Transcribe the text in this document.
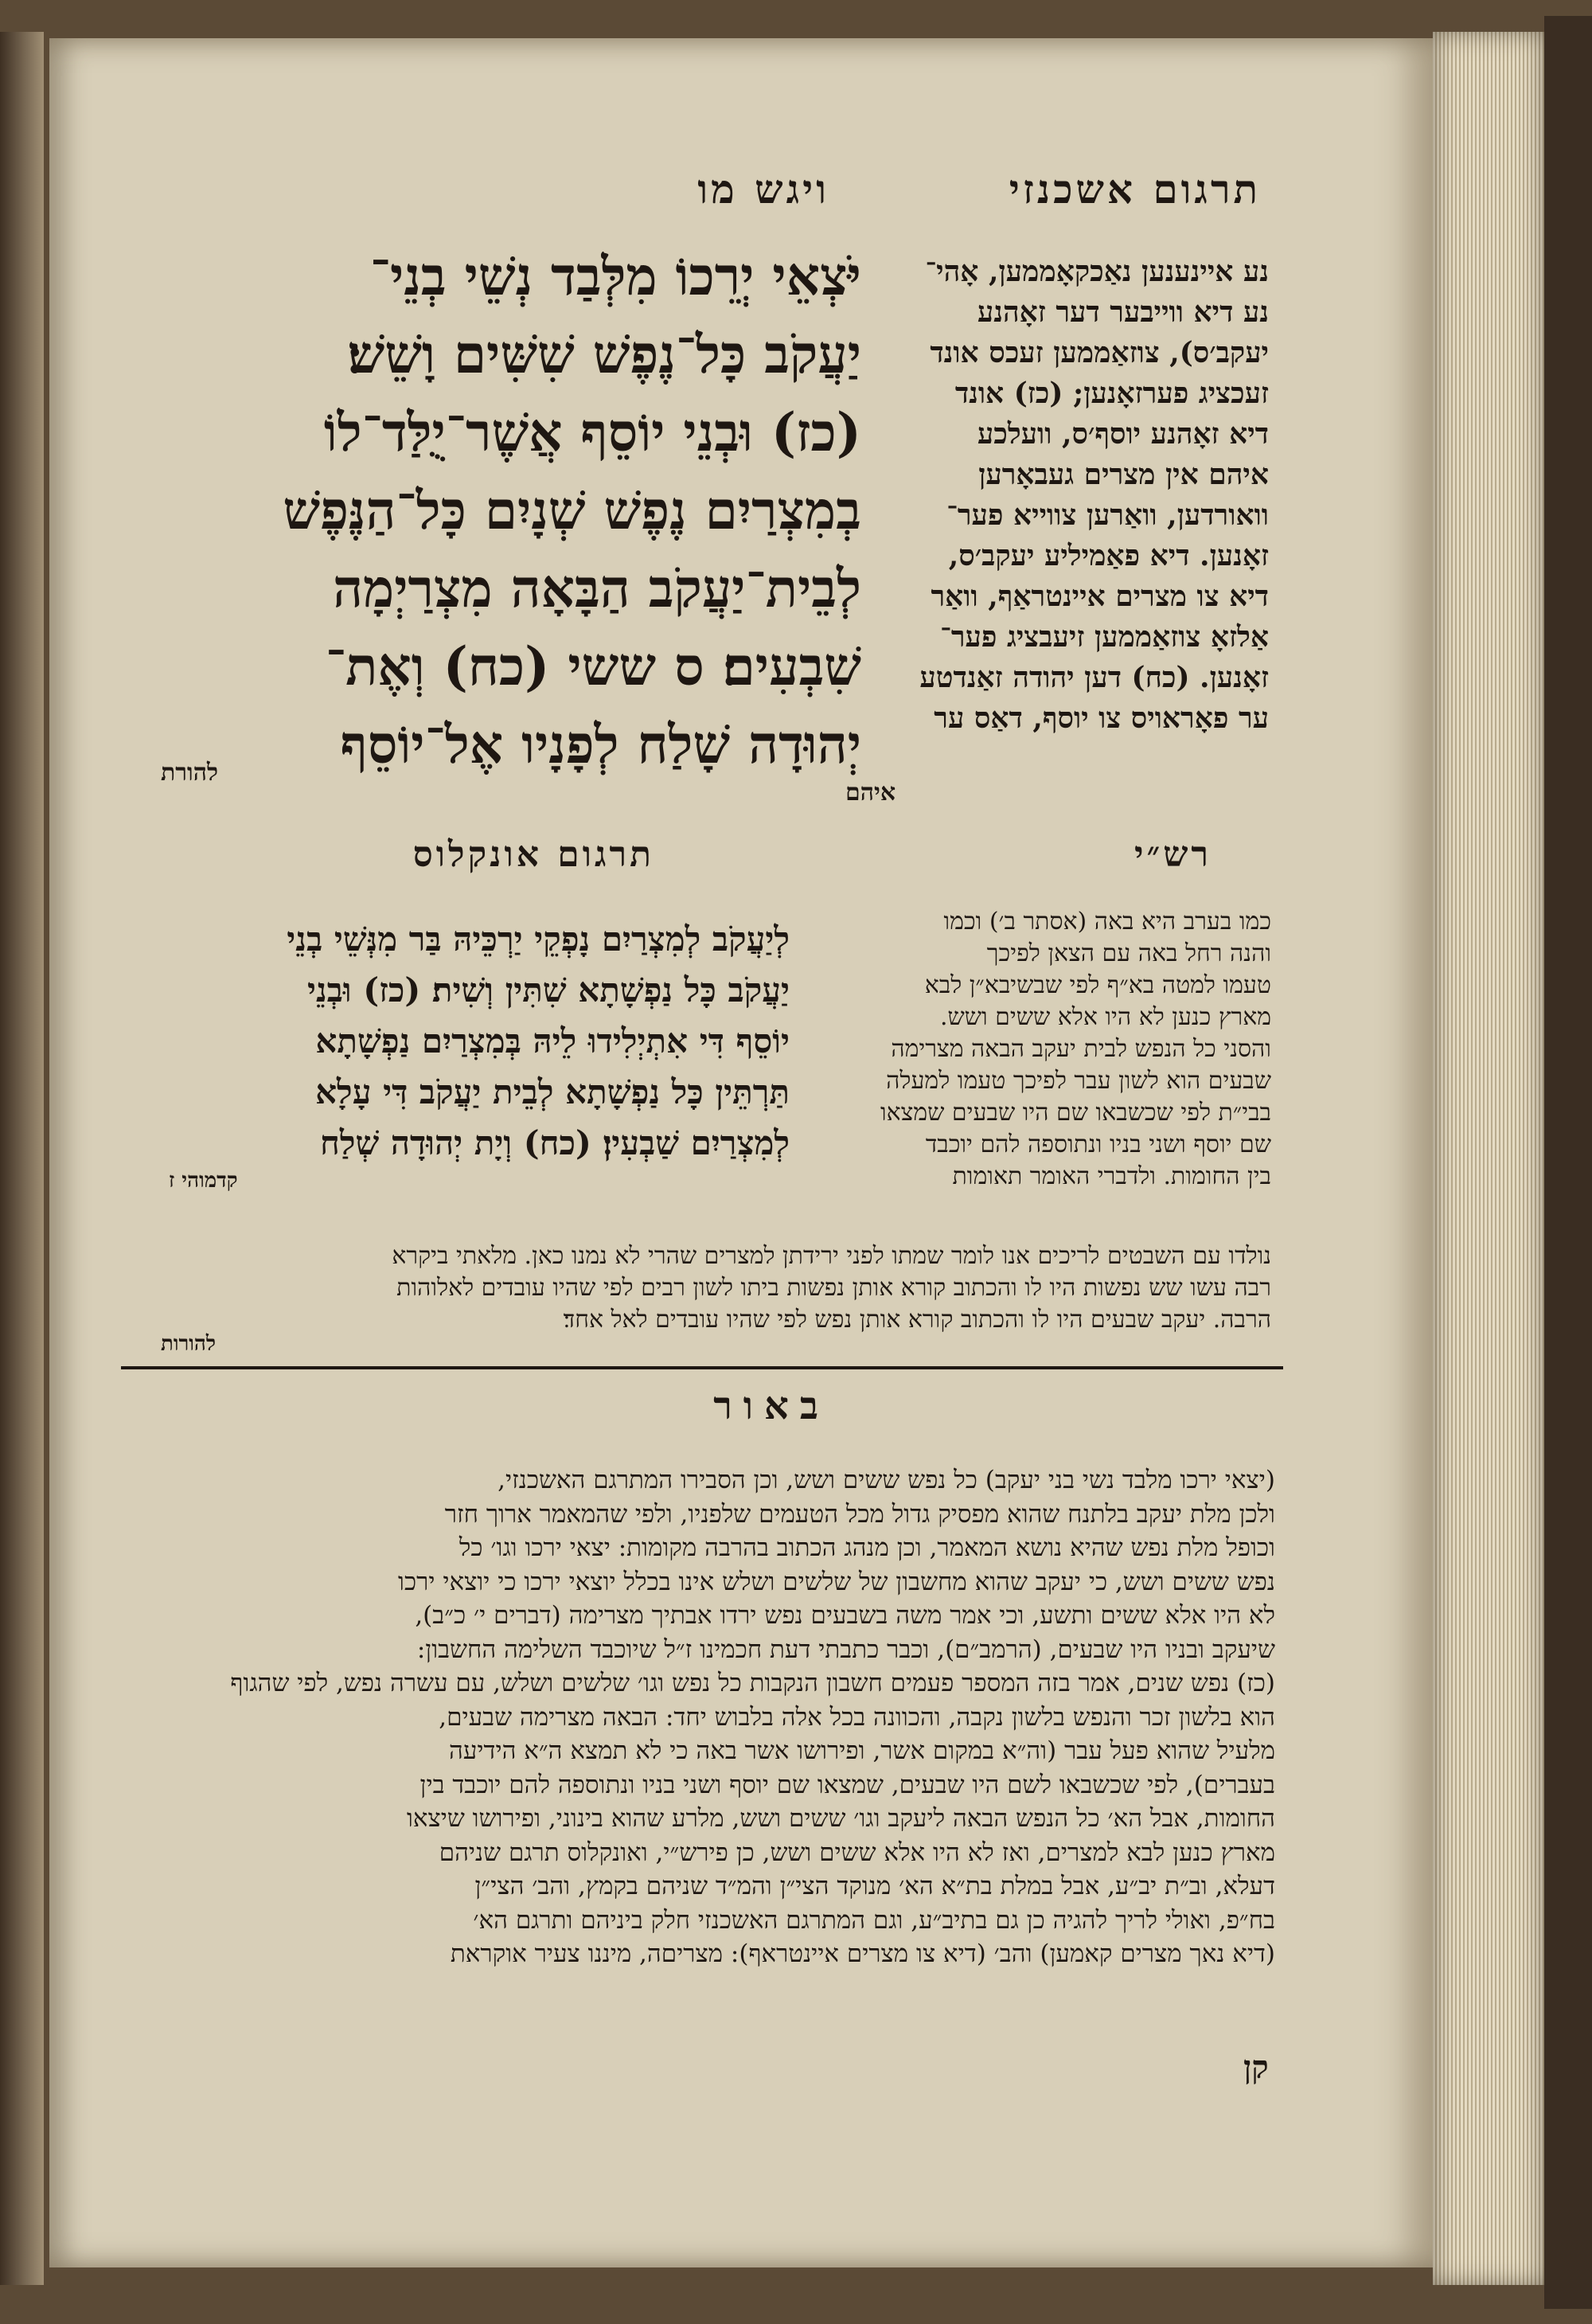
תרגום אשכנזי
ויגש מו

יֹּצְאֵי יְרֵכוֹ מִלְּבַד נְשֵׁי בְנֵי־

יַעֲקֹב כָּל־נֶפֶשׁ שִׁשִּׁים וָשֵׁשׁ׃

(כז) וּבְנֵי יוֹסֵף אֲשֶׁר־יֻלַּד־לוֹ

בְמִצְרַיִם נֶפֶשׁ שְׁנָיִם כָּל־הַנֶּפֶשׁ

לְבֵית־יַעֲקֹב הַבָּאָה מִצְרַיְמָה

שִׁבְעִים׃ ס ששי (כח) וְאֶת־

יְהוּדָה שָׁלַח לְפָנָיו אֶל־יוֹסֵף

להורת

נע איינענען נאַכקאָממען, אָהי־

נע דיא ווייבער דער זאָהנע

יעקב׳ס), צוזאַממען זעכס אונד

זעכציג פערזאָנען; (כז) אונד

דיא זאָהנע יוסף׳ס, וועלכע

איהם אין מצרים געבאָרען

וואורדען, וואַרען צווייא פער־

זאָנען. דיא פאַמיליע יעקב׳ס,

דיא צו מצרים איינטראַף, וואַר

אַלזאָ צוזאַממען זיעבציג פער־

זאָנען. (כח) דען יהודה זאַנדטע

ער פאָראויס צו יוסף, דאַס ער

איהם
תרגום אונקלוס	רש״י

לְיַעֲקֹב לְמִצְרַיִם נָפְקֵי יַרְכֵּיהּ בַּר מִנְּשֵׁי בְנֵי

יַעֲקֹב כָּל נַפְשָׁתָא שִׁתִּין וְשִׁית׃ (כז) וּבְנֵי

יוֹסֵף דִּי אִתְיְלִידוּ לֵיהּ בְּמִצְרַיִם נַפְשָׁתָא

תַּרְתֵּין כָּל נַפְשָׁתָא לְבֵית יַעֲקֹב דִּי עָלָא

לְמִצְרַיִם שַׁבְעִין׃ (כח) וְיָת יְהוּדָה שְׁלַח

קדמוהי ז

כמו בערב היא באה (אסתר ב׳) וכמו

והנה רחל באה עם הצאן לפיכך

טעמו למטה בא״ף לפי שבשיבא״ן לבא

מארץ כנען לא היו אלא ששים ושש.

והסני כל הנפש לבית יעקב הבאה מצרימה

שבעים הוא לשון עבר לפיכך טעמו למעלה

בבי״ת לפי שכשבאו שם היו שבעים שמצאו

שם יוסף ושני בניו ונתוספה להם יוכבד

בין החומות. ולדברי האומר תאומות

נולדו עם השבטים לריכים אנו לומר שמתו לפני ירידתן למצרים שהרי לא נמנו כאן. מלאתי ביקרא

רבה עשו שש נפשות היו לו והכתוב קורא אותן נפשות ביתו לשון רבים לפי שהיו עובדים לאלוהות

הרבה. יעקב שבעים היו לו והכתוב קורא אותן נפש לפי שהיו עובדים לאל אחד׃

להורות
באור

(יצאי ירכו מלבד נשי בני יעקב) כל נפש ששים ושש, וכן הסבירו המתרגם האשכנזי,

ולכן מלת יעקב בלתנח שהוא מפסיק גדול מכל הטעמים שלפניו, ולפי שהמאמר ארוך חזר

וכופל מלת נפש שהיא נושא המאמר, וכן מנהג הכתוב בהרבה מקומות: יצאי ירכו וגו׳ כל

נפש ששים ושש, כי יעקב שהוא מחשבון של שלשים ושלש אינו בכלל יוצאי ירכו כי יוצאי ירכו

לא היו אלא ששים ותשע, וכי אמר משה בשבעים נפש ירדו אבתיך מצרימה (דברים י׳ כ״ב),

שיעקב ובניו היו שבעים, (הרמב״ם), וכבר כתבתי דעת חכמינו ז״ל שיוכבד השלימה החשבון:

(כז) נפש שנים, אמר בזה המספר פעמים חשבון הנקבות כל נפש וגו׳ שלשים ושלש, עם עשרה נפש, לפי שהגוף

הוא בלשון זכר והנפש בלשון נקבה, והכוונה בכל אלה בלבוש יחד: הבאה מצרימה שבעים,

מלעיל שהוא פעל עבר (וה״א במקום אשר, ופירושו אשר באה כי לא תמצא ה״א הידיעה

בעברים), לפי שכשבאו לשם היו שבעים, שמצאו שם יוסף ושני בניו ונתוספה להם יוכבד בין

החומות, אבל הא׳ כל הנפש הבאה ליעקב וגו׳ ששים ושש, מלרע שהוא בינוני, ופירושו שיצאו

מארץ כנען לבא למצרים, ואז לא היו אלא ששים ושש, כן פירש״י, ואונקלוס תרגם שניהם

דעלא, וב״ת יב״ע, אבל במלת בת״א הא׳ מנוקד הצי״ן והמ״ד שניהם בקמץ, והב׳ הצי״ן

בח״פ, ואולי לריך להגיה כן גם בתיב״ע, וגם המתרגם האשכנזי חלק ביניהם ותרגם הא׳

(דיא נאך מצרים קאמען) והב׳ (דיא צו מצרים איינטראף): מצריםה, מיננו צעיר אוקראת

קן
